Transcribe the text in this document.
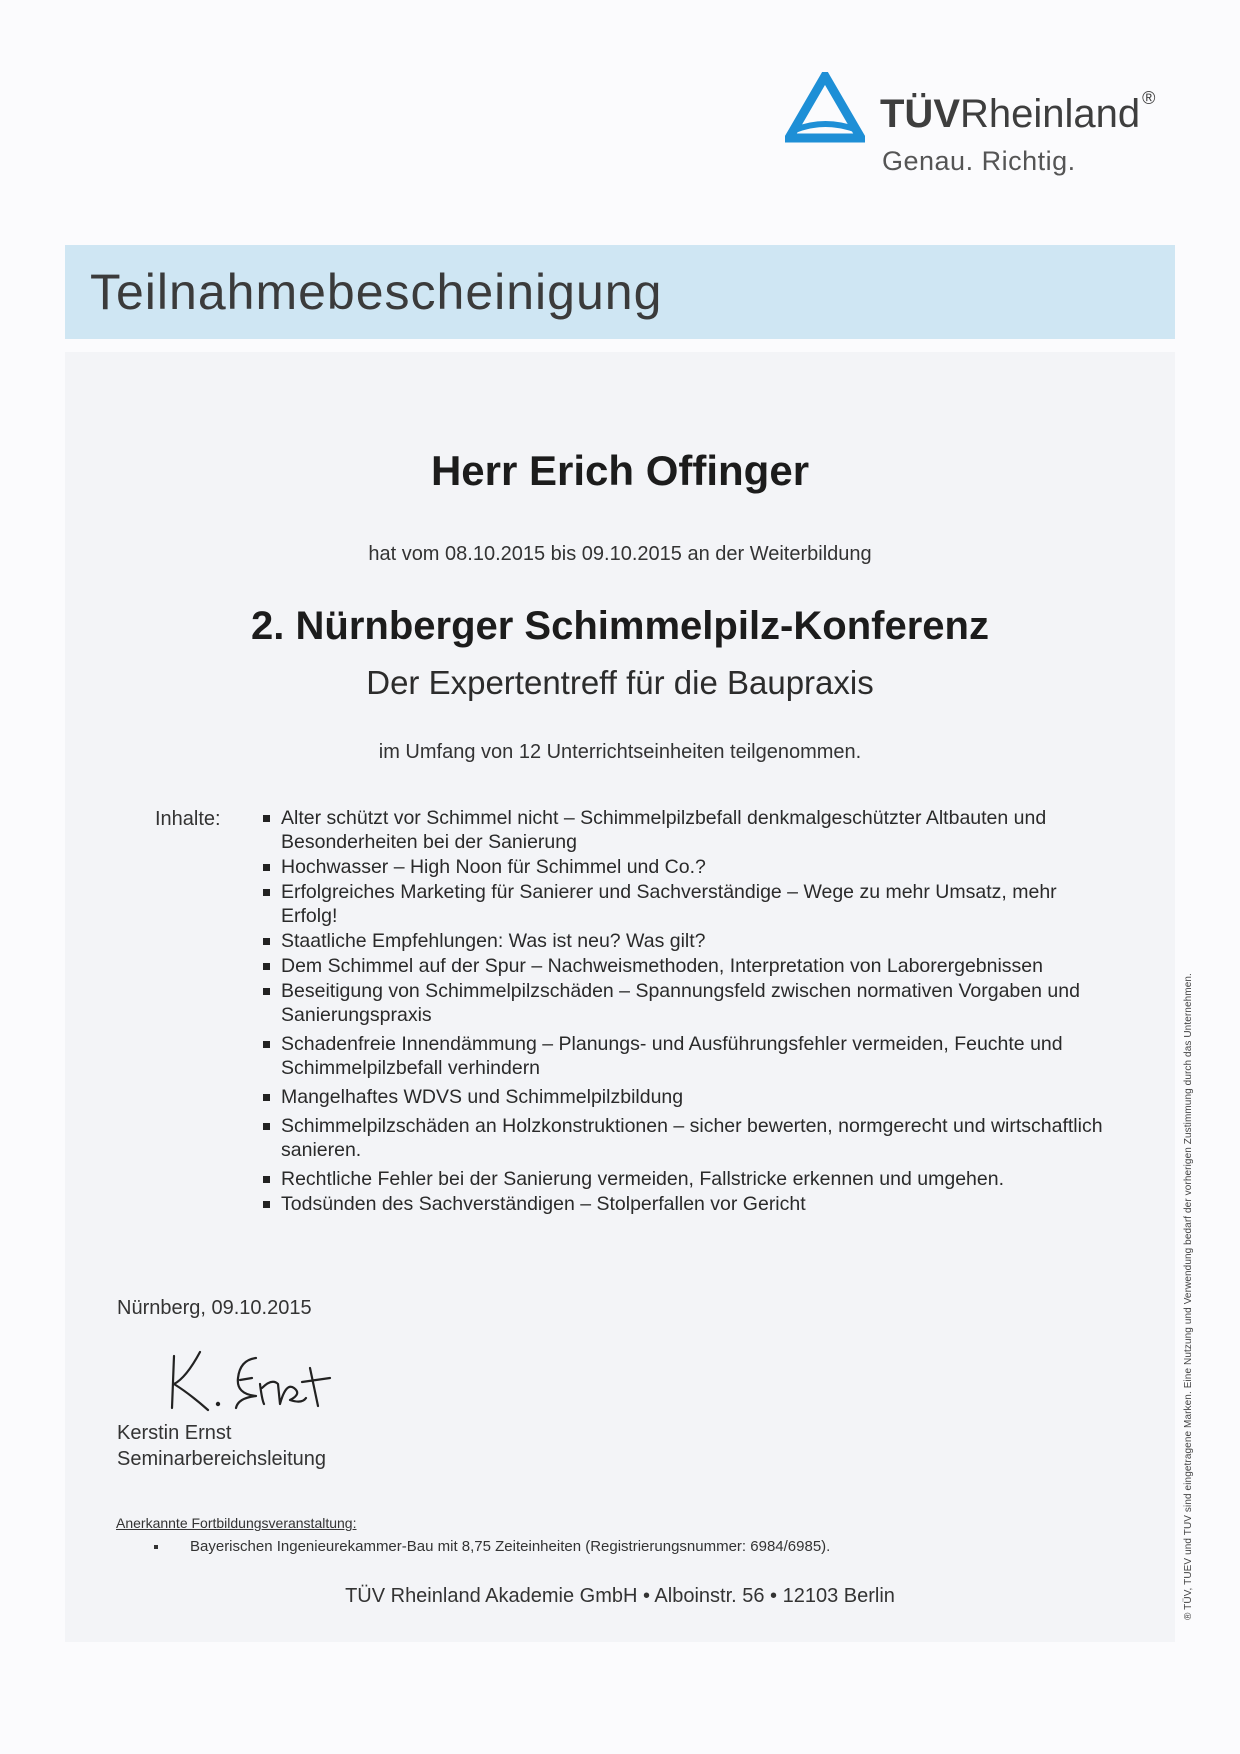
TÜVRheinland ®
Genau. Richtig.
Teilnahmebescheinigung
Herr Erich Offinger
hat vom 08.10.2015 bis 09.10.2015 an der Weiterbildung
2. Nürnberger Schimmelpilz-Konferenz
Der Expertentreff für die Baupraxis
im Umfang von 12 Unterrichtseinheiten teilgenommen.
Inhalte:	Alter schützt vor Schimmel nicht – Schimmelpilzbefall denkmalgeschützter Altbauten und Besonderheiten bei der Sanierung
Hochwasser – High Noon für Schimmel und Co.?
Erfolgreiches Marketing für Sanierer und Sachverständige – Wege zu mehr Umsatz, mehr Erfolg!
Staatliche Empfehlungen: Was ist neu? Was gilt?
Dem Schimmel auf der Spur – Nachweismethoden, Interpretation von Laborergebnissen
Beseitigung von Schimmelpilzschäden – Spannungsfeld zwischen normativen Vorgaben und Sanierungspraxis
Schadenfreie Innendämmung – Planungs- und Ausführungsfehler vermeiden, Feuchte und Schimmelpilzbefall verhindern
Mangelhaftes WDVS und Schimmelpilzbildung
Schimmelpilzschäden an Holzkonstruktionen – sicher bewerten, normgerecht und wirtschaftlich sanieren.
Rechtliche Fehler bei der Sanierung vermeiden, Fallstricke erkennen und umgehen.
Todsünden des Sachverständigen – Stolperfallen vor Gericht
Nürnberg, 09.10.2015
Kerstin Ernst
Seminarbereichsleitung
Anerkannte Fortbildungsveranstaltung:
Bayerischen Ingenieurekammer-Bau mit 8,75 Zeiteinheiten (Registrierungsnummer: 6984/6985).
TÜV Rheinland Akademie GmbH • Alboinstr. 56 • 12103 Berlin	® TÜV, TUEV und TUV sind eingetragene Marken. Eine Nutzung und Verwendung bedarf der vorherigen Zustimmung durch das Unternehmen.
